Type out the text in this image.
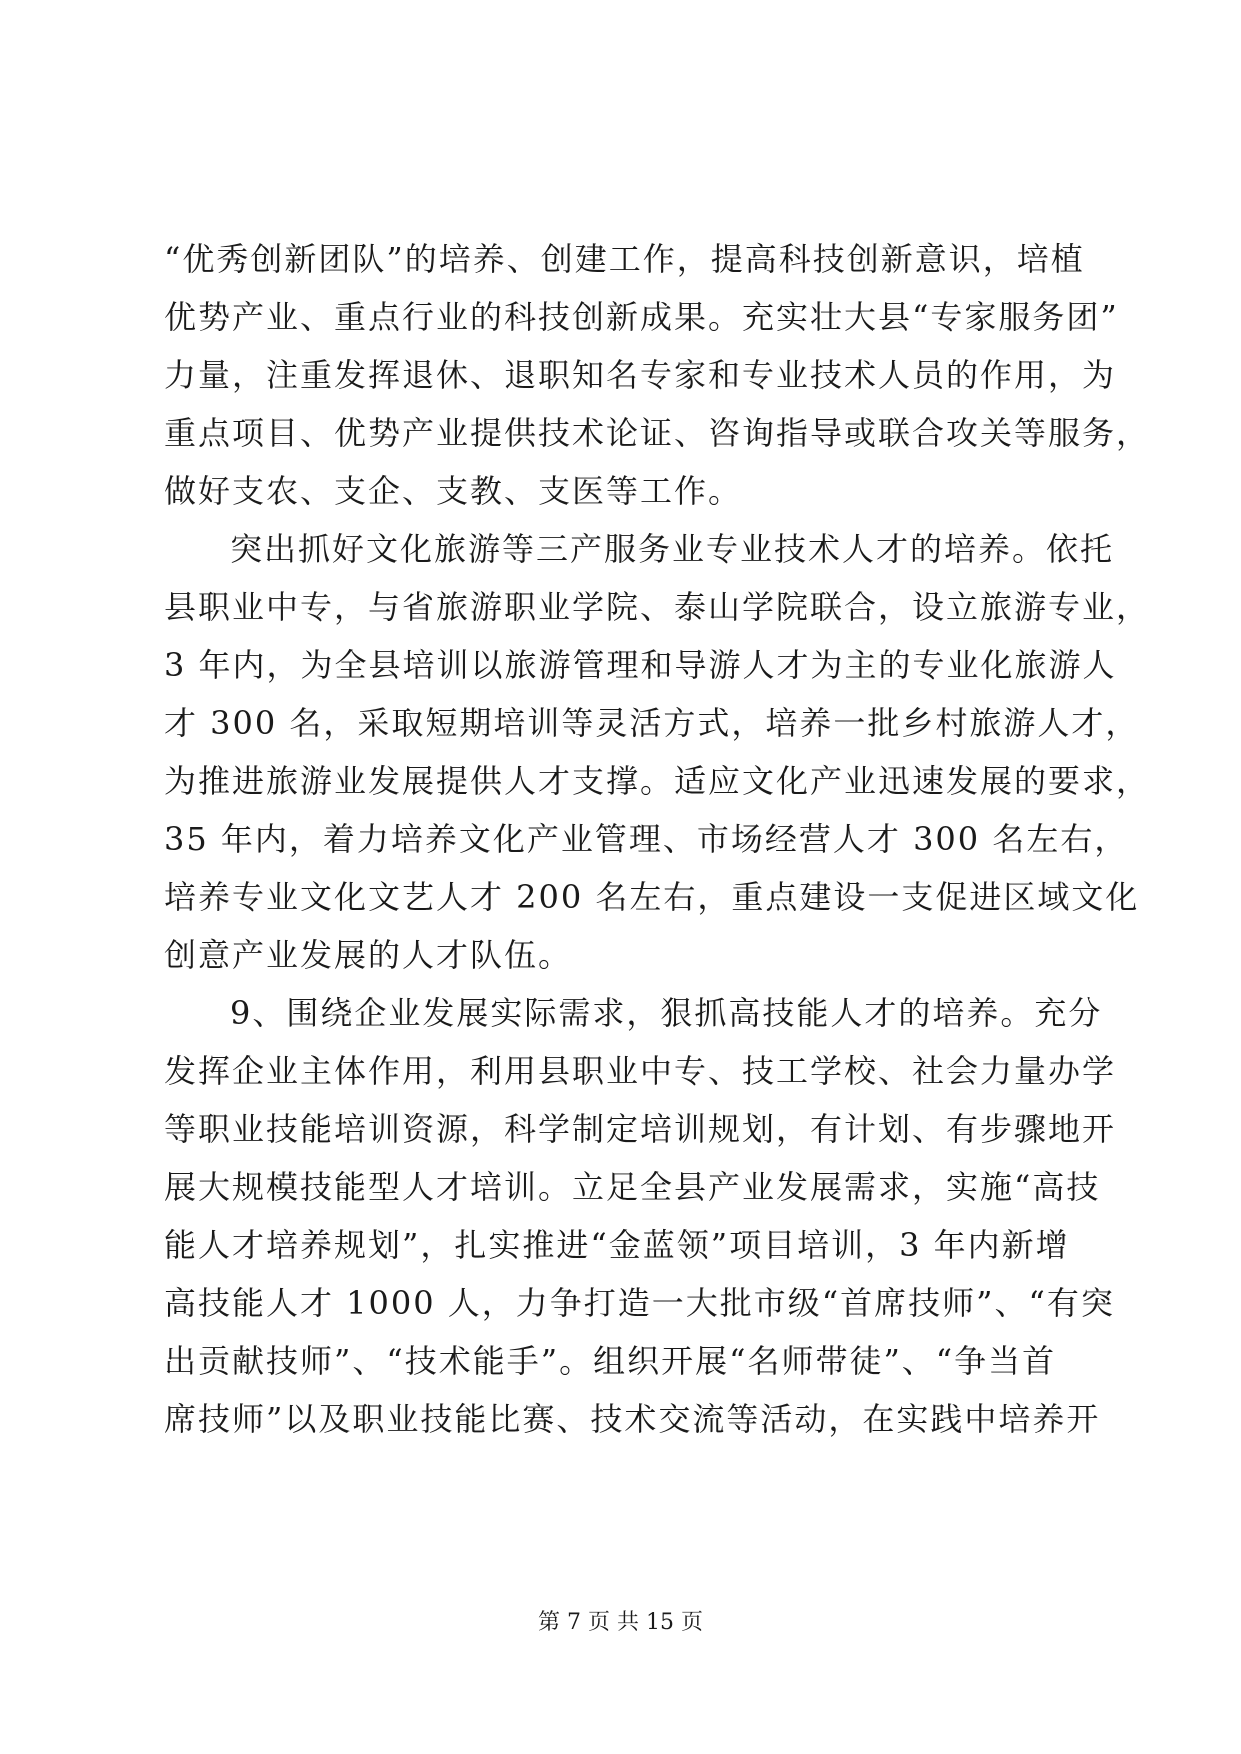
“优秀创新团队”的培养、创建工作，提高科技创新意识，培植
优势产业、重点行业的科技创新成果。充实壮大县“专家服务团”
力量，注重发挥退休、退职知名专家和专业技术人员的作用，为
重点项目、优势产业提供技术论证、咨询指导或联合攻关等服务，
做好支农、支企、支教、支医等工作。
突出抓好文化旅游等三产服务业专业技术人才的培养。依托
县职业中专，与省旅游职业学院、泰山学院联合，设立旅游专业，
3 年内，为全县培训以旅游管理和导游人才为主的专业化旅游人
才 300 名，采取短期培训等灵活方式，培养一批乡村旅游人才，
为推进旅游业发展提供人才支撑。适应文化产业迅速发展的要求，
35 年内，着力培养文化产业管理、市场经营人才 300 名左右，
培养专业文化文艺人才 200 名左右，重点建设一支促进区域文化
创意产业发展的人才队伍。
9、围绕企业发展实际需求，狠抓高技能人才的培养。充分
发挥企业主体作用，利用县职业中专、技工学校、社会力量办学
等职业技能培训资源，科学制定培训规划，有计划、有步骤地开
展大规模技能型人才培训。立足全县产业发展需求，实施“高技
能人才培养规划”，扎实推进“金蓝领”项目培训，3 年内新增
高技能人才 1000 人，力争打造一大批市级“首席技师”、“有突
出贡献技师”、“技术能手”。组织开展“名师带徒”、“争当首
席技师”以及职业技能比赛、技术交流等活动，在实践中培养开
第 7 页 共 15 页
